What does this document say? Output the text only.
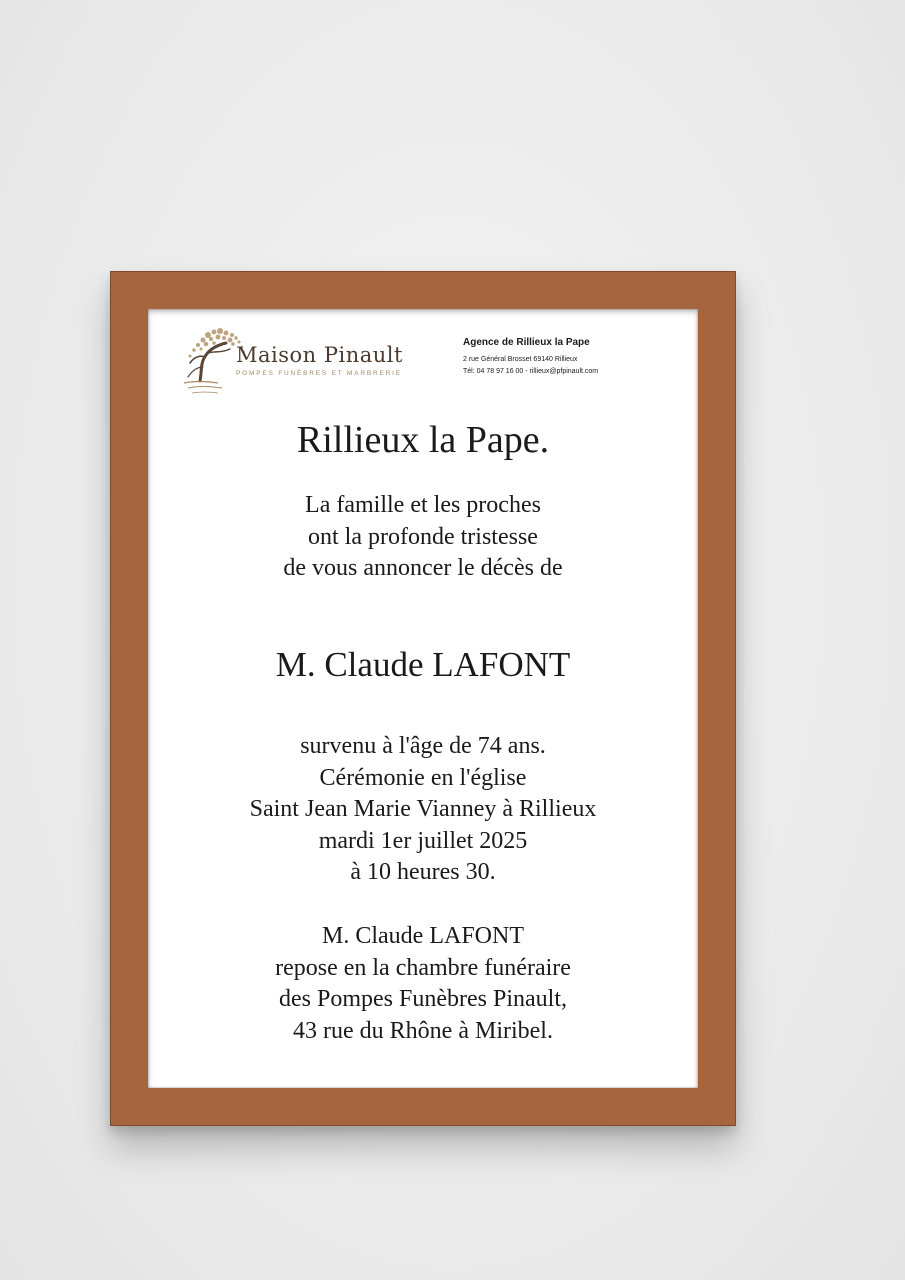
Maison Pinault
POMPES FUNÈBRES ET MARBRERIE
Agence de Rillieux la Pape
2 rue Général Brosset 69140 Rillieux
Tél: 04 78 97 16 00 - rillieux@pfpinault.com
Rillieux la Pape.
La famille et les proches
ont la profonde tristesse
de vous annoncer le décès de
M. Claude LAFONT
survenu à l'âge de 74 ans.
Cérémonie en l'église
Saint Jean Marie Vianney à Rillieux
mardi 1er juillet 2025
à 10 heures 30.
M. Claude LAFONT
repose en la chambre funéraire
des Pompes Funèbres Pinault,
43 rue du Rhône à Miribel.
